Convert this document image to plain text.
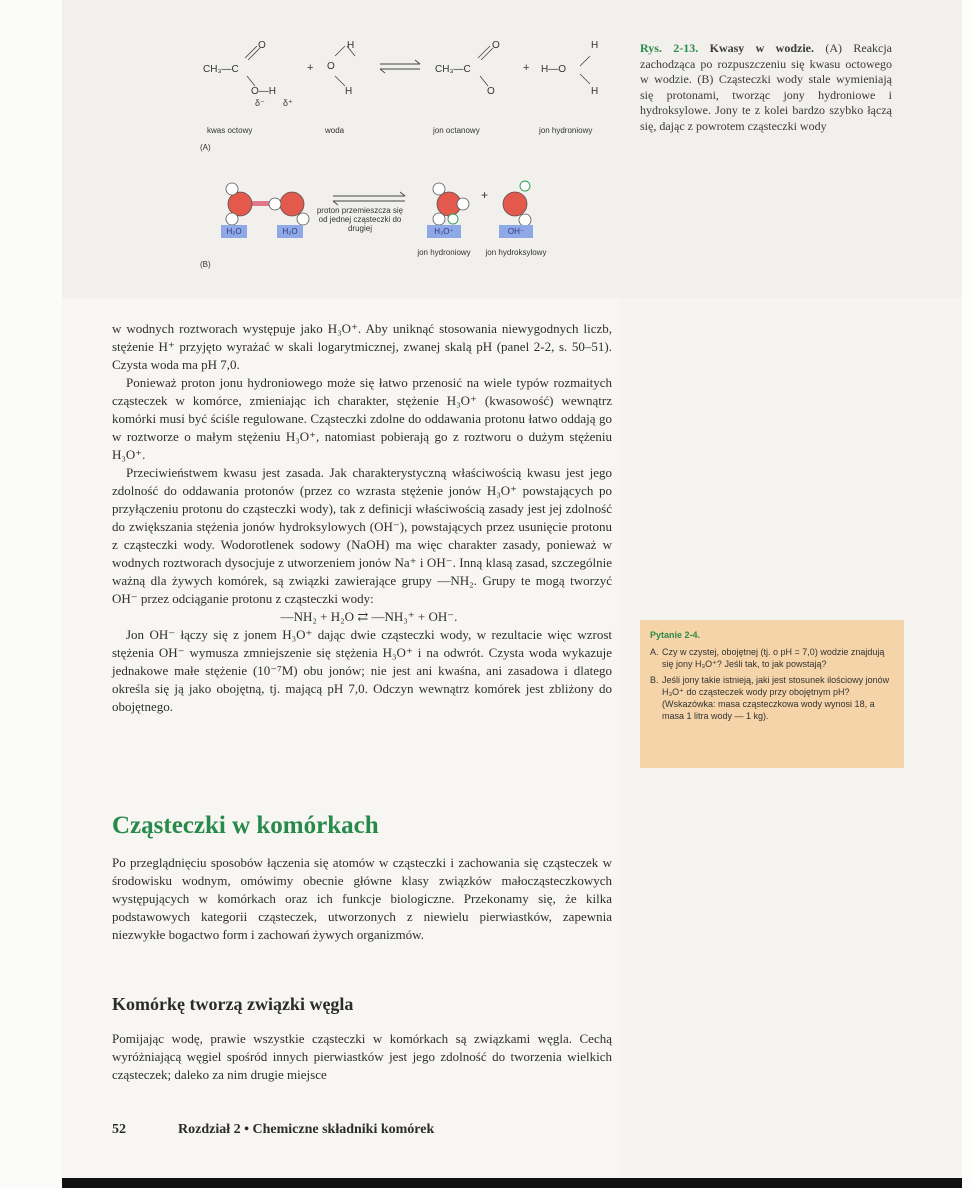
CH₃—C
O
O—H
δ⁻ δ⁺
+
H
O
H
CH₃—C
O
O
+ H—O
H
H
kwas octowy	woda	jon octanowy	jon hydroniowy
(A)
+
proton przemieszcza się od jednej cząsteczki do drugiej
H₂O	H₂O	H₃O⁺	OH⁻
jon hydroniowy jon hydroksylowy
(B)
Rys. 2-13. Kwasy w wodzie. (A) Reakcja zachodząca po rozpuszczeniu się kwasu octowego w wodzie. (B) Cząsteczki wody stale wymieniają się protonami, tworząc jony hydroniowe i hydroksylowe. Jony te z kolei bardzo szybko łączą się, dając z powrotem cząsteczki wody

w wodnych roztworach występuje jako H₃O⁺. Aby uniknąć stosowania niewygodnych liczb, stężenie H⁺ przyjęto wyrażać w skali logarytmicznej, zwanej skalą pH (panel 2-2, s. 50–51). Czysta woda ma pH 7,0.

Ponieważ proton jonu hydroniowego może się łatwo przenosić na wiele typów rozmaitych cząsteczek w komórce, zmieniając ich charakter, stężenie H₃O⁺ (kwasowość) wewnątrz komórki musi być ściśle regulowane. Cząsteczki zdolne do oddawania protonu łatwo oddają go w roztworze o małym stężeniu H₃O⁺, natomiast pobierają go z roztworu o dużym stężeniu H₃O⁺.

Przeciwieństwem kwasu jest zasada. Jak charakterystyczną właściwością kwasu jest jego zdolność do oddawania protonów (przez co wzrasta stężenie jonów H₃O⁺ powstających po przyłączeniu protonu do cząsteczki wody), tak z definicji właściwością zasady jest jej zdolność do zwiększania stężenia jonów hydroksylowych (OH⁻), powstających przez usunięcie protonu z cząsteczki wody. Wodorotlenek sodowy (NaOH) ma więc charakter zasady, ponieważ w wodnych roztworach dysocjuje z utworzeniem jonów Na⁺ i OH⁻. Inną klasą zasad, szczególnie ważną dla żywych komórek, są związki zawierające grupy —NH₂. Grupy te mogą tworzyć OH⁻ przez odciąganie protonu z cząsteczki wody:

—NH₂ + H₂O ⇄ —NH₃⁺ + OH⁻.

Jon OH⁻ łączy się z jonem H₃O⁺ dając dwie cząsteczki wody, w rezultacie więc wzrost stężenia OH⁻ wymusza zmniejszenie się stężenia H₃O⁺ i na odwrót. Czysta woda wykazuje jednakowe małe stężenie (10⁻⁷M) obu jonów; nie jest ani kwaśna, ani zasadowa i dlatego określa się ją jako obojętną, tj. mającą pH 7,0. Odczyn wewnątrz komórek jest zbliżony do obojętnego.

Pytanie 2-4.
A. Czy w czystej, obojętnej (tj. o pH = 7,0) wodzie znajdują się jony H₃O⁺? Jeśli tak, to jak powstają?
B. Jeśli jony takie istnieją, jaki jest stosunek ilościowy jonów H₃O⁺ do cząsteczek wody przy obojętnym pH? (Wskazówka: masa cząsteczkowa wody wynosi 18, a masa 1 litra wody — 1 kg).
Cząsteczki w komórkach

Po przeglądnięciu sposobów łączenia się atomów w cząsteczki i zachowania się cząsteczek w środowisku wodnym, omówimy obecnie główne klasy związków małocząsteczkowych występujących w komórkach oraz ich funkcje biologiczne. Przekonamy się, że kilka podstawowych kategorii cząsteczek, utworzonych z niewielu pierwiastków, zapewnia niezwykłe bogactwo form i zachowań żywych organizmów.

Komórkę tworzą związki węgla

Pomijając wodę, prawie wszystkie cząsteczki w komórkach są związkami węgla. Cechą wyróżniającą węgiel spośród innych pierwiastków jest jego zdolność do tworzenia wielkich cząsteczek; daleko za nim drugie miejsce

52	Rozdział 2 • Chemiczne składniki komórek
